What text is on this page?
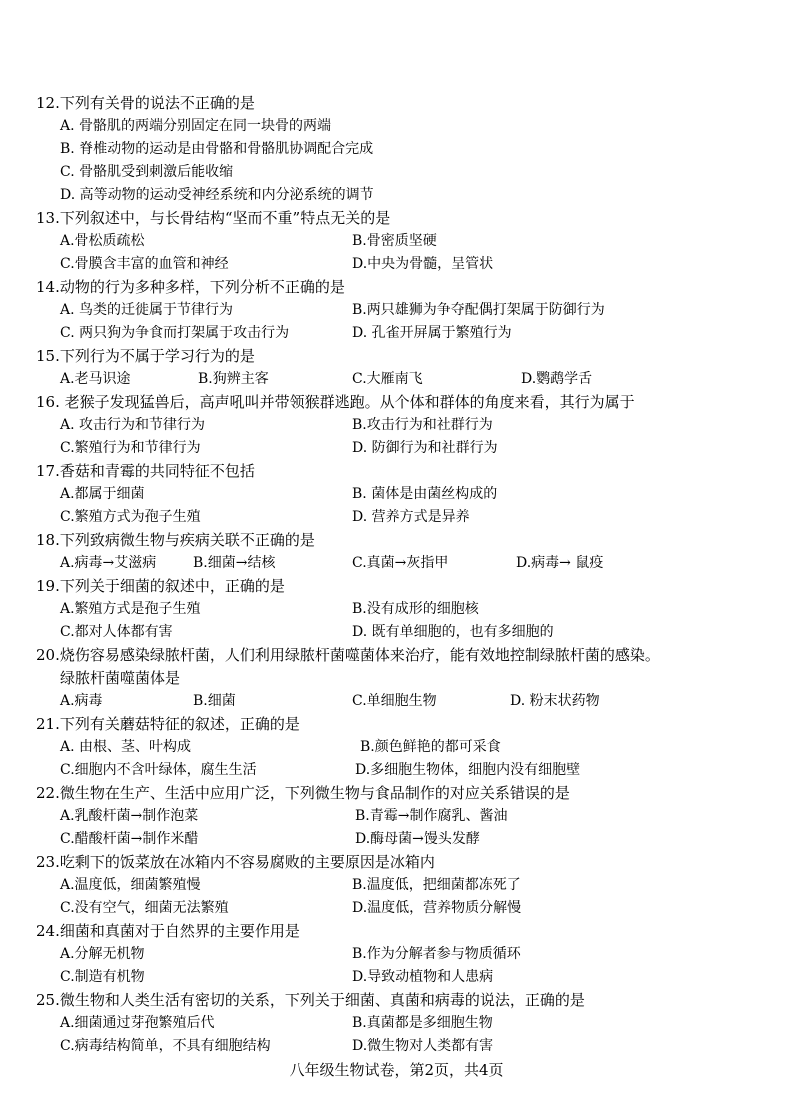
12.下列有关骨的说法不正确的是
A. 骨骼肌的两端分别固定在同一块骨的两端
B. 脊椎动物的运动是由骨骼和骨骼肌协调配合完成
C. 骨骼肌受到刺激后能收缩
D. 高等动物的运动受神经系统和内分泌系统的调节
13.下列叙述中，与长骨结构“坚而不重”特点无关的是
A.骨松质疏松	B.骨密质坚硬
C.骨膜含丰富的血管和神经	D.中央为骨髓，呈管状
14.动物的行为多种多样，下列分析不正确的是
A. 鸟类的迁徙属于节律行为	B.两只雄狮为争夺配偶打架属于防御行为
C. 两只狗为争食而打架属于攻击行为	D. 孔雀开屏属于繁殖行为
15.下列行为不属于学习行为的是
A.老马识途	B.狗辨主客	C.大雁南飞	D.鹦鹉学舌
16. 老猴子发现猛兽后，高声吼叫并带领猴群逃跑。从个体和群体的角度来看，其行为属于
A. 攻击行为和节律行为	B.攻击行为和社群行为
C.繁殖行为和节律行为	D. 防御行为和社群行为
17.香菇和青霉的共同特征不包括
A.都属于细菌	B. 菌体是由菌丝构成的
C.繁殖方式为孢子生殖	D. 营养方式是异养
18.下列致病微生物与疾病关联不正确的是
A.病毒→艾滋病	B.细菌→结核	C.真菌→灰指甲	D.病毒→ 鼠疫
19.下列关于细菌的叙述中，正确的是
A.繁殖方式是孢子生殖	B.没有成形的细胞核
C.都对人体都有害	D. 既有单细胞的，也有多细胞的
20.烧伤容易感染绿脓杆菌，人们利用绿脓杆菌噬菌体来治疗，能有效地控制绿脓杆菌的感染。
绿脓杆菌噬菌体是
A.病毒	B.细菌	C.单细胞生物	D. 粉末状药物
21.下列有关蘑菇特征的叙述，正确的是
A. 由根、茎、叶构成	B.颜色鲜艳的都可采食
C.细胞内不含叶绿体，腐生生活	D.多细胞生物体，细胞内没有细胞壁
22.微生物在生产、生活中应用广泛，下列微生物与食品制作的对应关系错误的是
A.乳酸杆菌→制作泡菜	B.青霉→制作腐乳、酱油
C.醋酸杆菌→制作米醋	D.酶母菌→馒头发酵
23.吃剩下的饭菜放在冰箱内不容易腐败的主要原因是冰箱内
A.温度低，细菌繁殖慢	B.温度低，把细菌都冻死了
C.没有空气，细菌无法繁殖	D.温度低，营养物质分解慢
24.细菌和真菌对于自然界的主要作用是
A.分解无机物	B.作为分解者参与物质循环
C.制造有机物	D.导致动植物和人患病
25.微生物和人类生活有密切的关系，下列关于细菌、真菌和病毒的说法，正确的是
A.细菌通过芽孢繁殖后代	B.真菌都是多细胞生物
C.病毒结构简单，不具有细胞结构	D.微生物对人类都有害
八年级生物试卷，第2页，共4页
